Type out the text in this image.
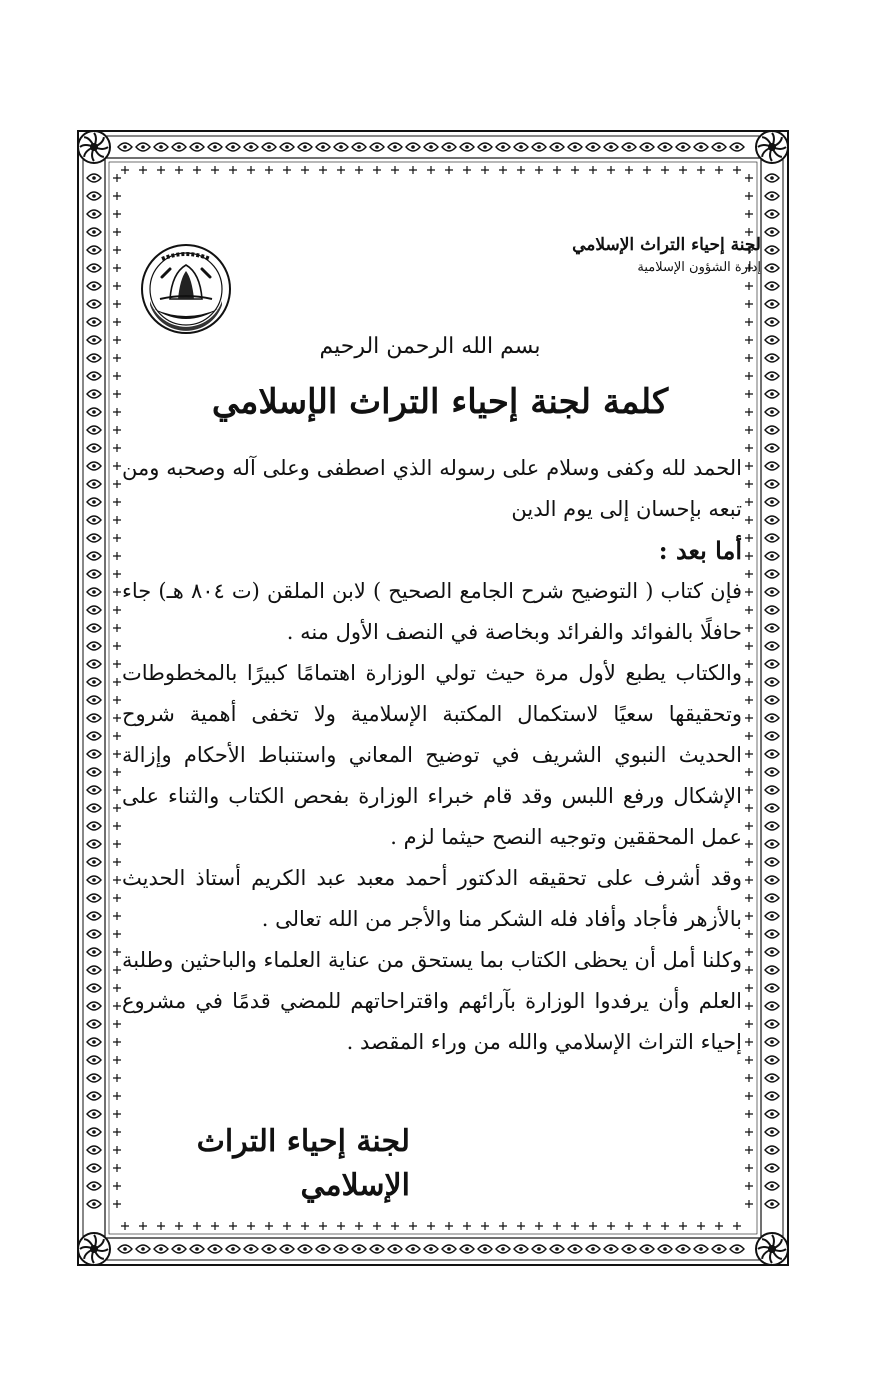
لجنة إحياء التراث الإسلامي
إدارة الشؤون الإسلامية
بسم الله الرحمن الرحيم
كلمة لجنة إحياء التراث الإسلامي

الحمد لله وكفى وسلام على رسوله الذي اصطفى وعلى آله وصحبه ومن تبعه بإحسان إلى يوم الدين

أما بعد :

فإن كتاب ( التوضيح شرح الجامع الصحيح ) لابن الملقن (ت ٨٠٤ هـ) جاء حافلًا بالفوائد والفرائد وبخاصة في النصف الأول منه .

والكتاب يطبع لأول مرة حيث تولي الوزارة اهتمامًا كبيرًا بالمخطوطات وتحقيقها سعيًا لاستكمال المكتبة الإسلامية ولا تخفى أهمية شروح الحديث النبوي الشريف في توضيح المعاني واستنباط الأحكام وإزالة الإشكال ورفع اللبس وقد قام خبراء الوزارة بفحص الكتاب والثناء على عمل المحققين وتوجيه النصح حيثما لزم .

وقد أشرف على تحقيقه الدكتور أحمد معبد عبد الكريم أستاذ الحديث بالأزهر فأجاد وأفاد فله الشكر منا والأجر من الله تعالى .

وكلنا أمل أن يحظى الكتاب بما يستحق من عناية العلماء والباحثين وطلبة العلم وأن يرفدوا الوزارة بآرائهم واقتراحاتهم للمضي قدمًا في مشروع إحياء التراث الإسلامي والله من وراء المقصد .

لجنة إحياء التراث الإسلامي
